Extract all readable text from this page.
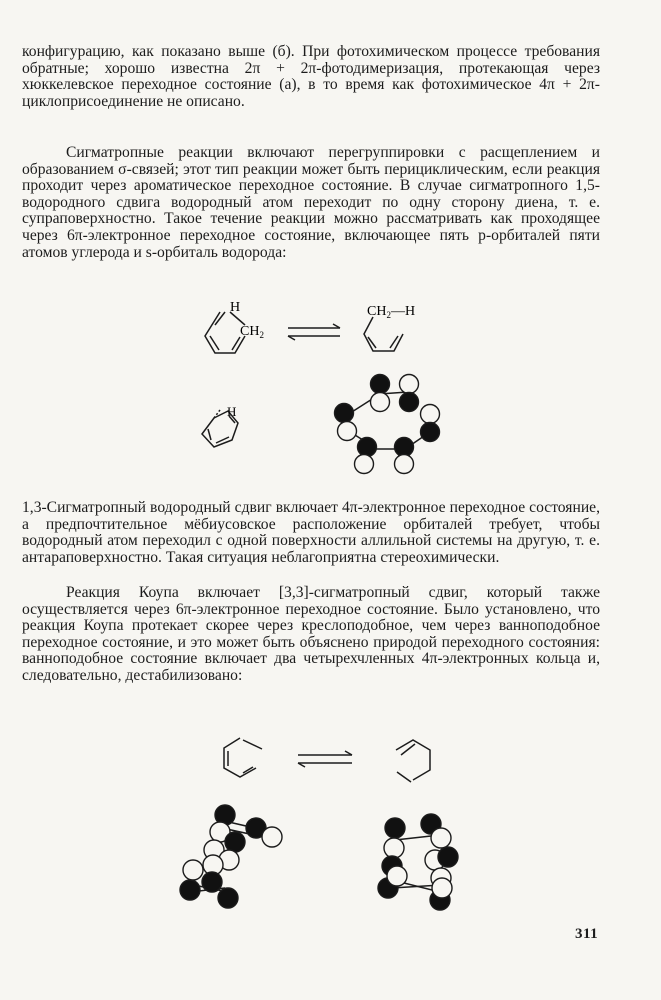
конфигурацию, как показано выше (б). При фотохимическом процессе требования обратные; хорошо известна 2π + 2π-фотодимеризация, протекающая через хюккелевское переходное состояние (а), в то время как фотохимическое 4π + 2π-циклоприсоединение не описано.

Сигматропные реакции включают перегруппировки с расщеплением и образованием σ-связей; этот тип реакции может быть перициклическим, если реакция проходит через ароматическое переходное состояние. В случае сигматропного 1,5-водородного сдвига водородный атом переходит по одну сторону диена, т. е. супраповерхностно. Такое течение реакции можно рассматривать как проходящее через 6π-электронное переходное состояние, включающее пять p-орбиталей пяти атомов углерода и s-орбиталь водорода:

H
$CH_2$
$CH_2—H$
H

1,3-Сигматропный водородный сдвиг включает 4π-электронное переходное состояние, а предпочтительное мёбиусовское расположение орбиталей требует, чтобы водородный атом переходил с одной поверхности аллильной системы на другую, т. е. антараповерхностно. Такая ситуация неблагоприятна стереохимически.

Реакция Коупа включает [3,3]-сигматропный сдвиг, который также осуществляется через 6π-электронное переходное состояние. Было установлено, что реакция Коупа протекает скорее через креслоподобное, чем через ванноподобное переходное состояние, и это может быть объяснено природой переходного состояния: ванноподобное состояние включает два четырехчленных 4π-электронных кольца и, следовательно, дестабилизовано:

311
